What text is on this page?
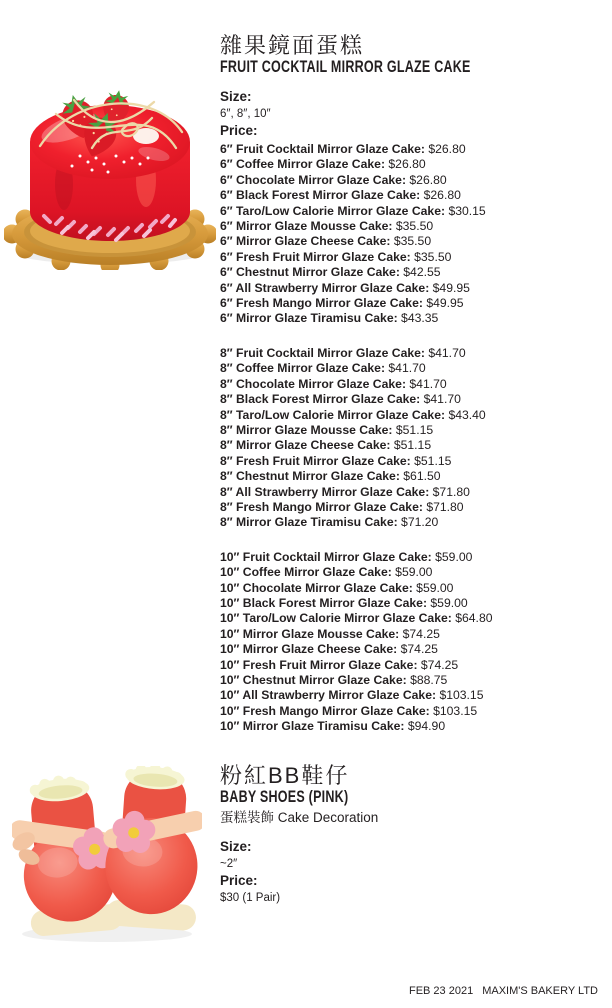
雜果鏡面蛋糕
FRUIT COCKTAIL MIRROR GLAZE CAKE
Size:
6″, 8″, 10″
Price:
6″ Fruit Cocktail Mirror Glaze Cake: $26.80
6″ Coffee Mirror Glaze Cake: $26.80
6″ Chocolate Mirror Glaze Cake: $26.80
6″ Black Forest Mirror Glaze Cake: $26.80
6″ Taro/Low Calorie Mirror Glaze Cake: $30.15
6″ Mirror Glaze Mousse Cake: $35.50
6″ Mirror Glaze Cheese Cake: $35.50
6″ Fresh Fruit Mirror Glaze Cake: $35.50
6″ Chestnut Mirror Glaze Cake: $42.55
6″ All Strawberry Mirror Glaze Cake: $49.95
6″ Fresh Mango Mirror Glaze Cake: $49.95
6″ Mirror Glaze Tiramisu Cake: $43.35
8″ Fruit Cocktail Mirror Glaze Cake: $41.70
8″ Coffee Mirror Glaze Cake: $41.70
8″ Chocolate Mirror Glaze Cake: $41.70
8″ Black Forest Mirror Glaze Cake: $41.70
8″ Taro/Low Calorie Mirror Glaze Cake: $43.40
8″ Mirror Glaze Mousse Cake: $51.15
8″ Mirror Glaze Cheese Cake: $51.15
8″ Fresh Fruit Mirror Glaze Cake: $51.15
8″ Chestnut Mirror Glaze Cake: $61.50
8″ All Strawberry Mirror Glaze Cake: $71.80
8″ Fresh Mango Mirror Glaze Cake: $71.80
8″ Mirror Glaze Tiramisu Cake: $71.20
10″ Fruit Cocktail Mirror Glaze Cake: $59.00
10″ Coffee Mirror Glaze Cake: $59.00
10″ Chocolate Mirror Glaze Cake: $59.00
10″ Black Forest Mirror Glaze Cake: $59.00
10″ Taro/Low Calorie Mirror Glaze Cake: $64.80
10″ Mirror Glaze Mousse Cake: $74.25
10″ Mirror Glaze Cheese Cake: $74.25
10″ Fresh Fruit Mirror Glaze Cake: $74.25
10″ Chestnut Mirror Glaze Cake: $88.75
10″ All Strawberry Mirror Glaze Cake: $103.15
10″ Fresh Mango Mirror Glaze Cake: $103.15
10″ Mirror Glaze Tiramisu Cake: $94.90
粉紅BB鞋仔
BABY SHOES (PINK)
蛋糕裝飾 Cake Decoration
Size:
~2″
Price:
$30 (1 Pair)
FEB 23 2021 MAXIM'S BAKERY LTD
